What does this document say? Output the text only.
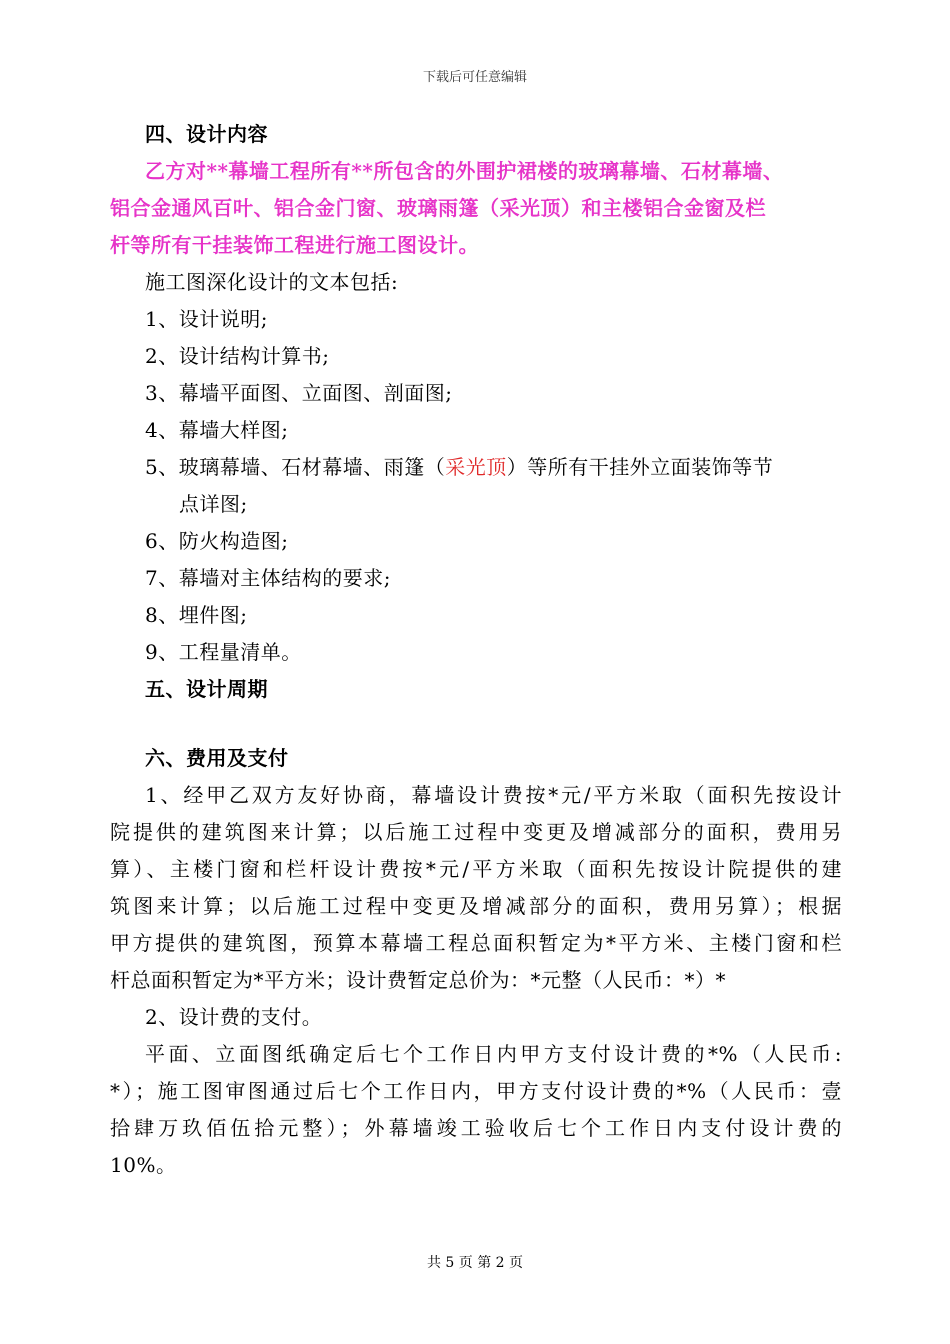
下载后可任意编辑
四、设计内容
乙方对**幕墙工程所有**所包含的外围护裙楼的玻璃幕墙、石材幕墙、
铝合金通风百叶、铝合金门窗、玻璃雨篷（采光顶）和主楼铝合金窗及栏
杆等所有干挂装饰工程进行施工图设计。
施工图深化设计的文本包括:
1、设计说明;
2、设计结构计算书;
3、幕墙平面图、立面图、剖面图;
4、幕墙大样图;
5、玻璃幕墙、石材幕墙、雨篷（采光顶）等所有干挂外立面装饰等节
点详图;
6、防火构造图;
7、幕墙对主体结构的要求;
8、埋件图;
9、工程量清单。
五、设计周期
六、费用及支付
1、经甲乙双方友好协商，幕墙设计费按*元/平方米取（面积先按设计
院提供的建筑图来计算；以后施工过程中变更及增减部分的面积，费用另
算）、主楼门窗和栏杆设计费按*元/平方米取（面积先按设计院提供的建
筑图来计算；以后施工过程中变更及增减部分的面积，费用另算）；根据
甲方提供的建筑图，预算本幕墙工程总面积暂定为*平方米、主楼门窗和栏
杆总面积暂定为*平方米；设计费暂定总价为：*元整（人民币：*）*
2、设计费的支付。
平面、立面图纸确定后七个工作日内甲方支付设计费的*%（人民币:
*）；施工图审图通过后七个工作日内，甲方支付设计费的*%（人民币：壹
拾肆万玖佰伍拾元整）；外幕墙竣工验收后七个工作日内支付设计费的
10%。
共 5 页 第 2 页
